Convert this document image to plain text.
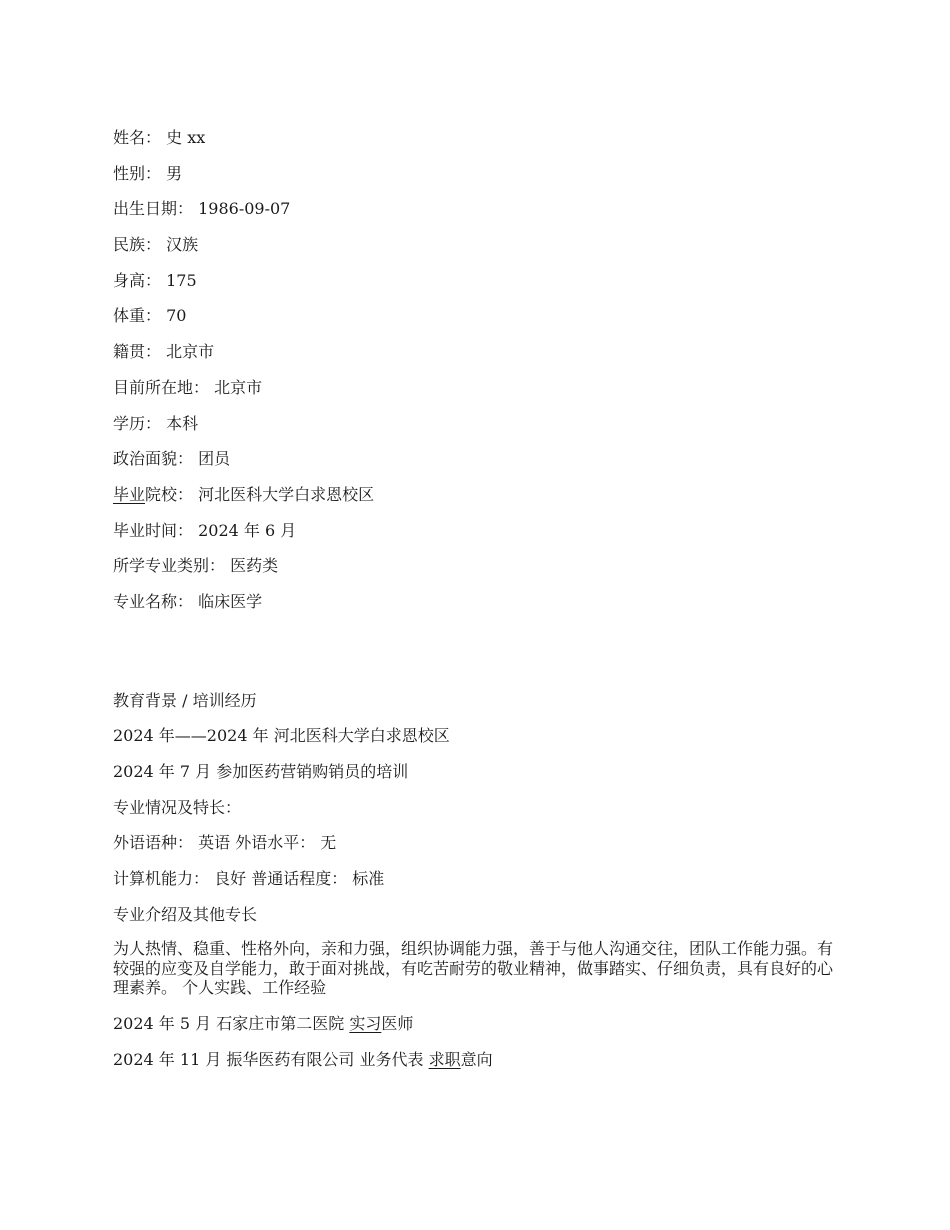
姓名： 史 xx
性别： 男
出生日期： 1986-09-07
民族： 汉族
身高： 175
体重： 70
籍贯： 北京市
目前所在地： 北京市
学历： 本科
政治面貌： 团员
毕业院校： 河北医科大学白求恩校区
毕业时间： 2024 年 6 月
所学专业类别： 医药类
专业名称： 临床医学
教育背景 / 培训经历
2024 年——2024 年 河北医科大学白求恩校区
2024 年 7 月 参加医药营销购销员的培训
专业情况及特长：
外语语种： 英语 外语水平： 无
计算机能力： 良好 普通话程度： 标准
专业介绍及其他专长
为人热情、稳重、性格外向，亲和力强，组织协调能力强，善于与他人沟通交往，团队工作能力强。有较强的应变及自学能力，敢于面对挑战，有吃苦耐劳的敬业精神，做事踏实、仔细负责，具有良好的心理素养。 个人实践、工作经验
2024 年 5 月 石家庄市第二医院 实习医师
2024 年 11 月 振华医药有限公司 业务代表 求职意向
